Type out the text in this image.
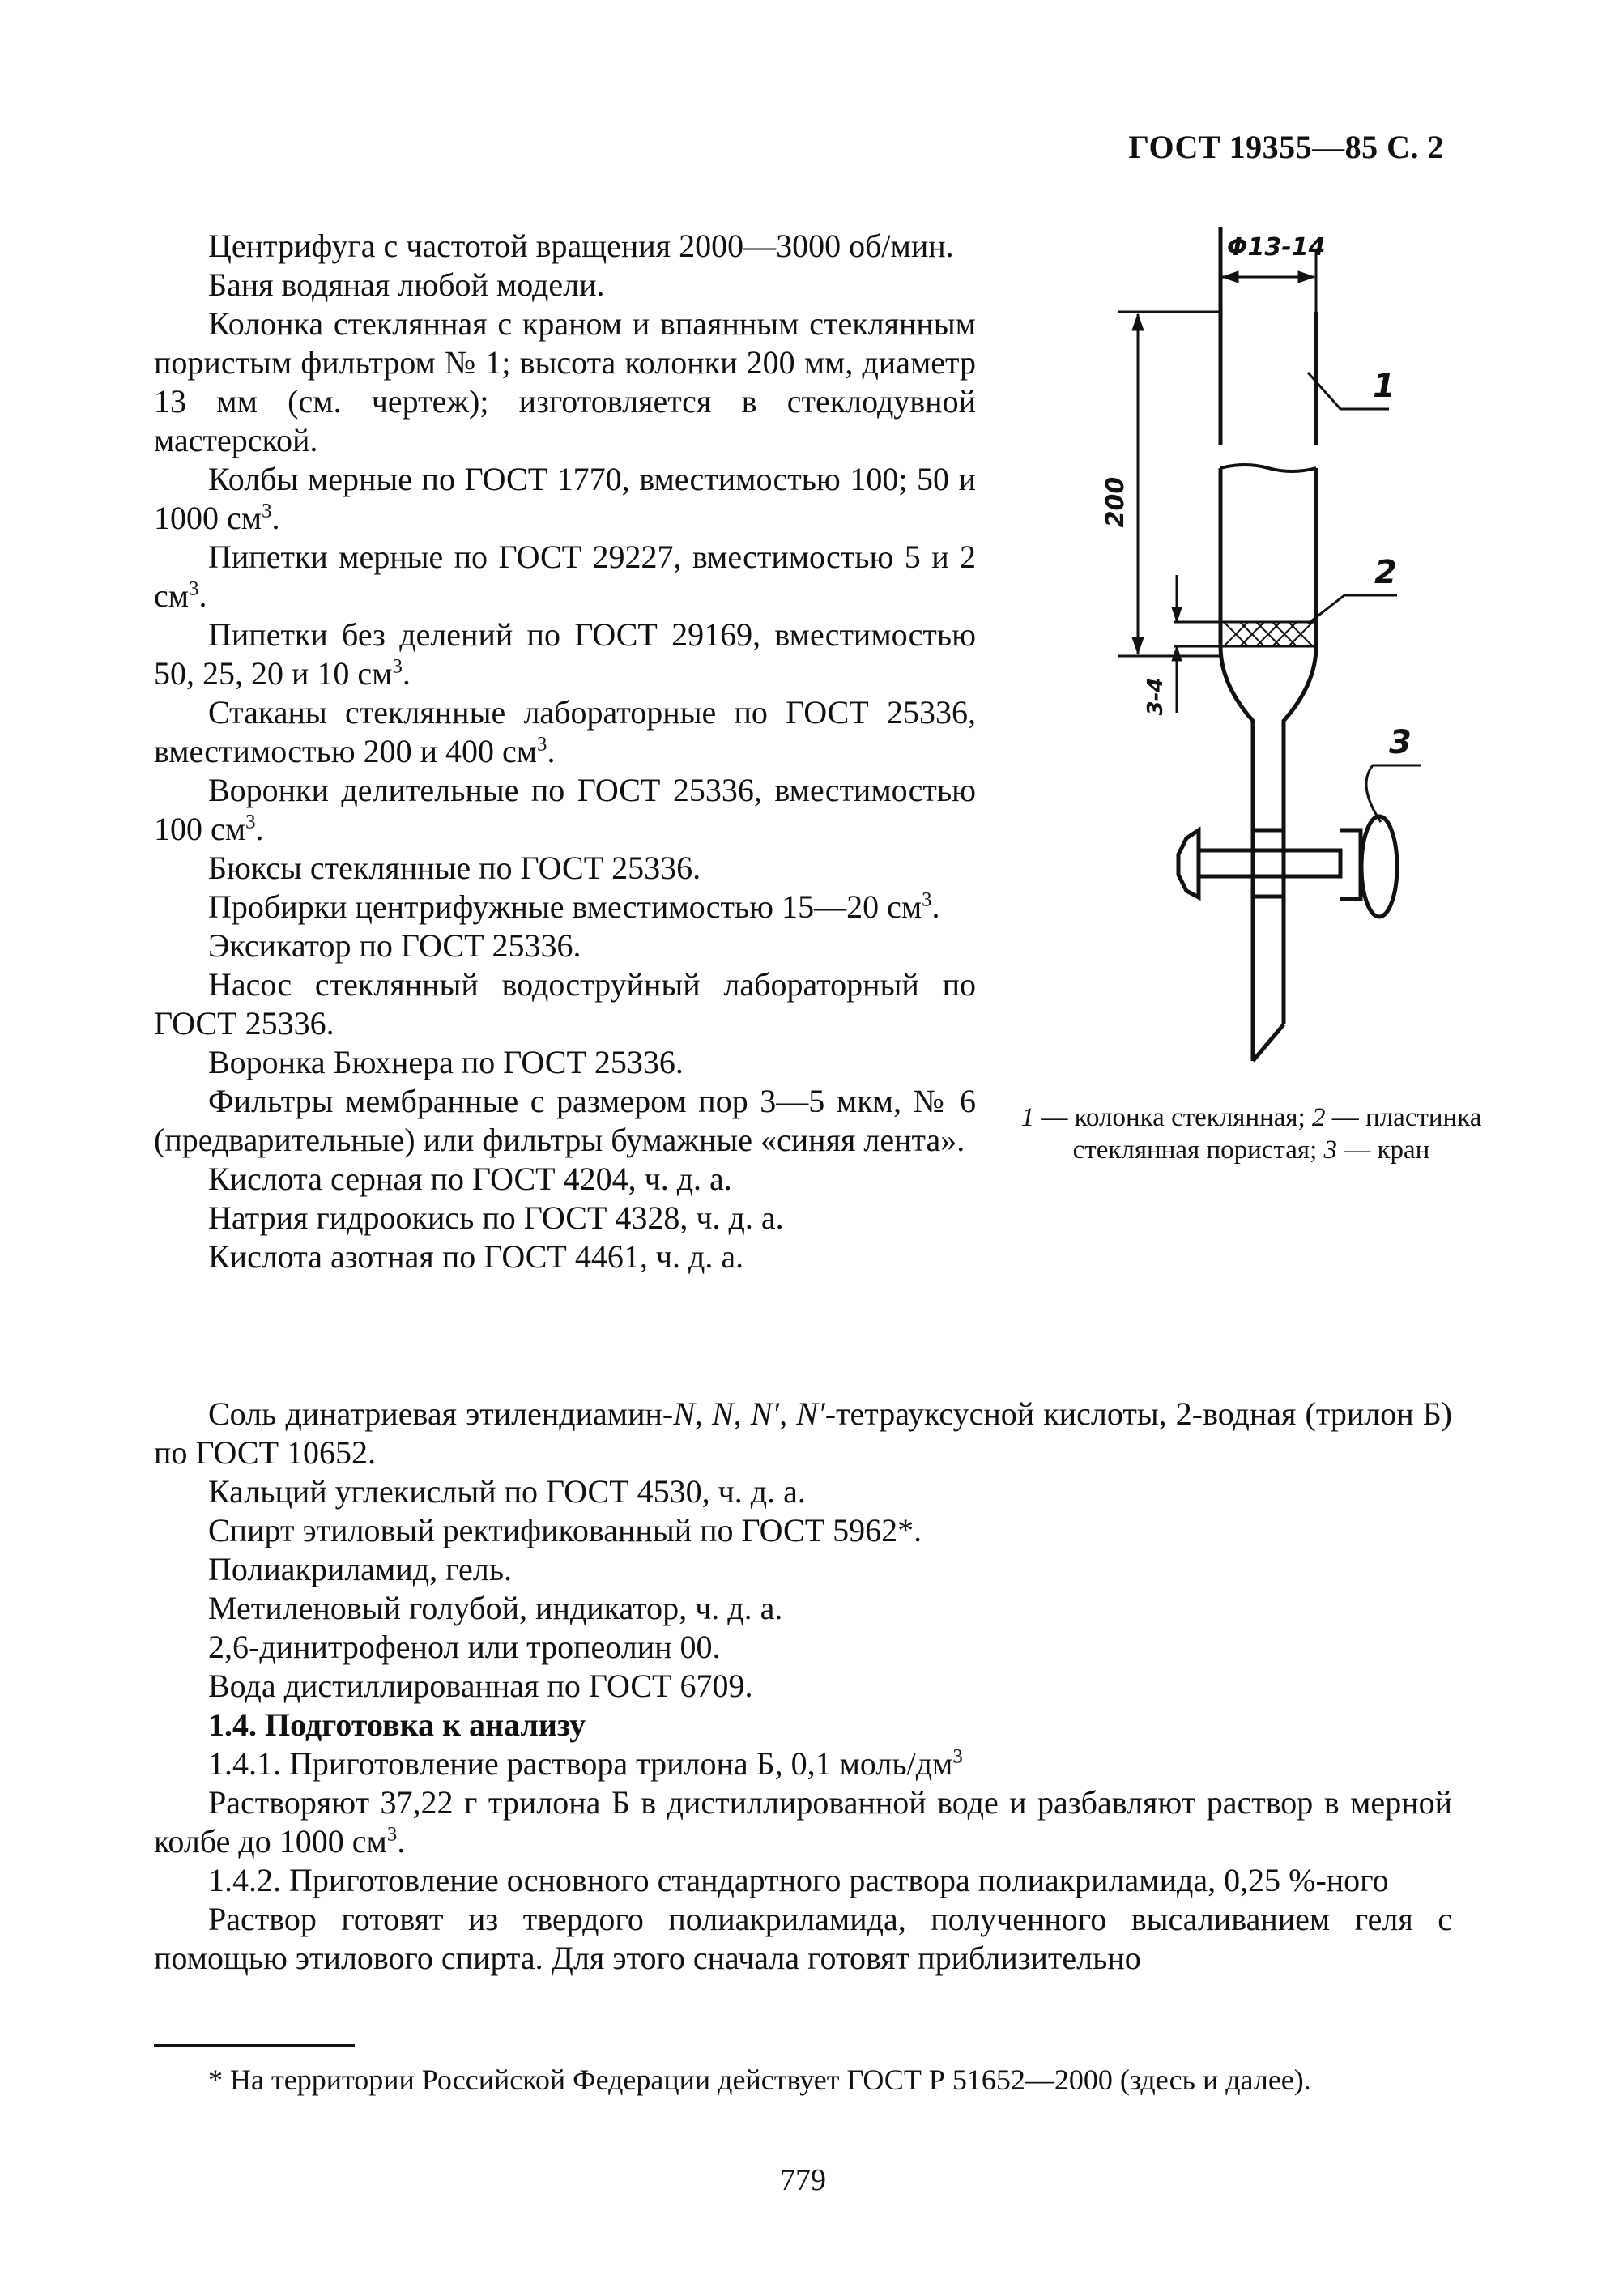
ГОСТ 19355—85 С. 2

Центрифуга с частотой вращения 2000—3000 об/мин.

Баня водяная любой модели.

Колонка стеклянная с краном и впаянным стеклянным пористым фильтром № 1; высота колонки 200 мм, диаметр 13 мм (см. чертеж); изготовляется в стеклодувной мастерской.

Колбы мерные по ГОСТ 1770, вместимостью 100; 50 и 1000 $см^3$.

Пипетки мерные по ГОСТ 29227, вместимостью 5 и 2 $см^3$.

Пипетки без делений по ГОСТ 29169, вместимостью 50, 25, 20 и 10 $см^3$.

Стаканы стеклянные лабораторные по ГОСТ 25336, вместимостью 200 и 400 $см^3$.

Воронки делительные по ГОСТ 25336, вместимостью 100 $см^3$.

Бюксы стеклянные по ГОСТ 25336.

Пробирки центрифужные вместимостью 15—20 $см^3$.

Эксикатор по ГОСТ 25336.

Насос стеклянный водоструйный лабораторный по ГОСТ 25336.

Воронка Бюхнера по ГОСТ 25336.

Фильтры мембранные с размером пор 3—5 мкм, № 6 (предварительные) или фильтры бумажные «синяя лента».

Кислота серная по ГОСТ 4204, ч. д. а.

Натрия гидроокись по ГОСТ 4328, ч. д. а.

Кислота азотная по ГОСТ 4461, ч. д. а.

Φ13-14
200
3-4
1
2
3
1 — колонка стеклянная; 2 — пластинка стеклянная пористая; 3 — кран

Соль динатриевая этилендиамин-N, N, N′, N′-тетрауксусной кислоты, 2-водная (трилон Б) по ГОСТ 10652.

Кальций углекислый по ГОСТ 4530, ч. д. а.

Спирт этиловый ректификованный по ГОСТ 5962*.

Полиакриламид, гель.

Метиленовый голубой, индикатор, ч. д. а.

2,6-динитрофенол или тропеолин 00.

Вода дистиллированная по ГОСТ 6709.

1.4. Подготовка к анализу

1.4.1. Приготовление раствора трилона Б, 0,1 моль/$дм^3$

Растворяют 37,22 г трилона Б в дистиллированной воде и разбавляют раствор в мерной колбе до 1000 $см^3$.

1.4.2. Приготовление основного стандартного раствора полиакриламида, 0,25 %-ного

Раствор готовят из твердого полиакриламида, полученного высаливанием геля с помощью этилового спирта. Для этого сначала готовят приблизительно

* На территории Российской Федерации действует ГОСТ Р 51652—2000 (здесь и далее).

779
